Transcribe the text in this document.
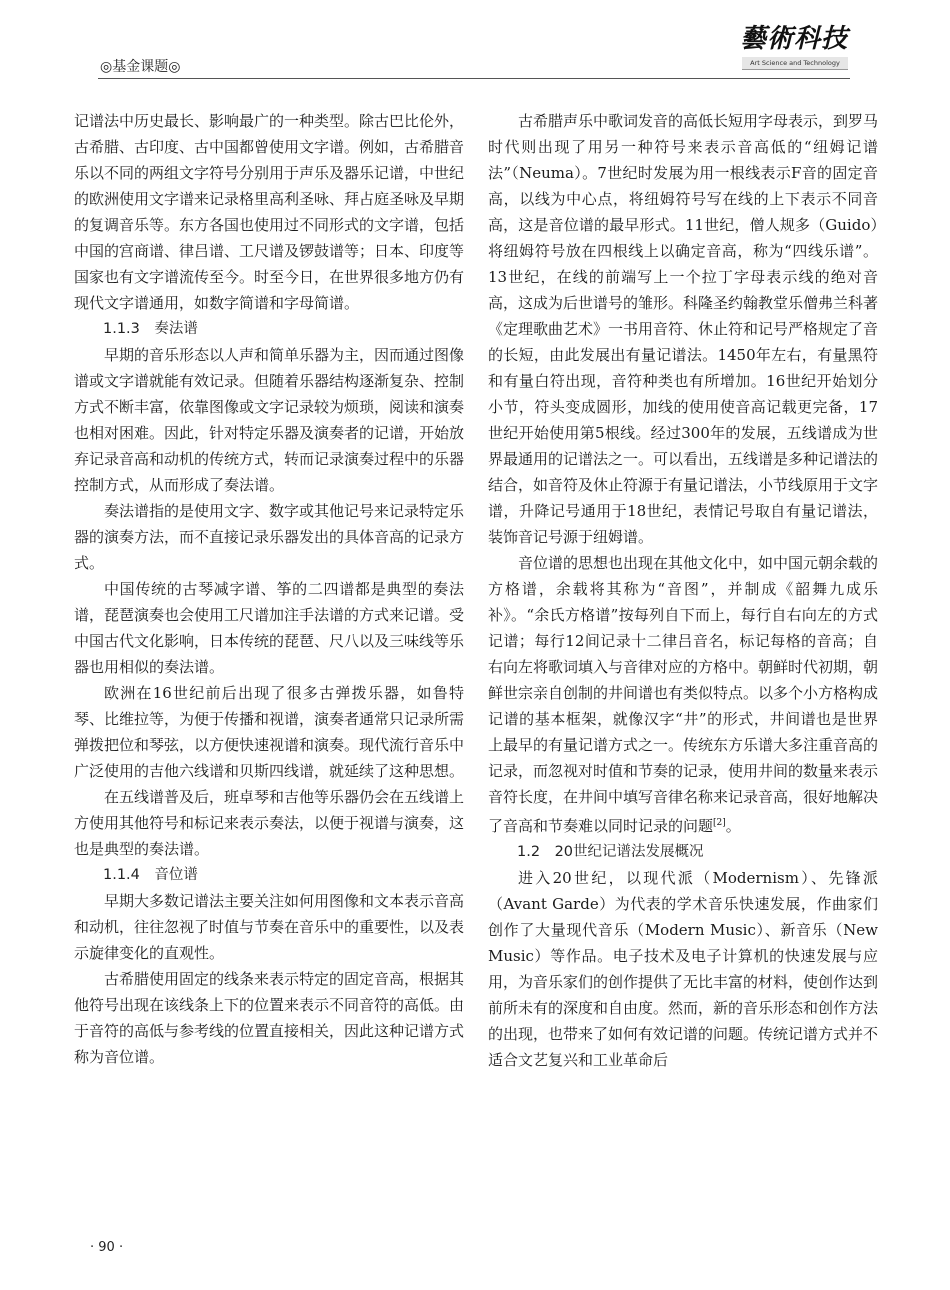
◎基金课题◎
藝術科技
Art Science and Technology

记谱法中历史最长、影响最广的一种类型。除古巴比伦外，古希腊、古印度、古中国都曾使用文字谱。例如，古希腊音乐以不同的两组文字符号分别用于声乐及器乐记谱，中世纪的欧洲使用文字谱来记录格里高利圣咏、拜占庭圣咏及早期的复调音乐等。东方各国也使用过不同形式的文字谱，包括中国的宫商谱、律吕谱、工尺谱及锣鼓谱等；日本、印度等国家也有文字谱流传至今。时至今日，在世界很多地方仍有现代文字谱通用，如数字简谱和字母简谱。

1.1.3 奏法谱

早期的音乐形态以人声和简单乐器为主，因而通过图像谱或文字谱就能有效记录。但随着乐器结构逐渐复杂、控制方式不断丰富，依靠图像或文字记录较为烦琐，阅读和演奏也相对困难。因此，针对特定乐器及演奏者的记谱，开始放弃记录音高和动机的传统方式，转而记录演奏过程中的乐器控制方式，从而形成了奏法谱。

奏法谱指的是使用文字、数字或其他记号来记录特定乐器的演奏方法，而不直接记录乐器发出的具体音高的记录方式。

中国传统的古琴减字谱、筝的二四谱都是典型的奏法谱，琵琶演奏也会使用工尺谱加注手法谱的方式来记谱。受中国古代文化影响，日本传统的琵琶、尺八以及三味线等乐器也用相似的奏法谱。

欧洲在16世纪前后出现了很多古弹拨乐器，如鲁特琴、比维拉等，为便于传播和视谱，演奏者通常只记录所需弹拨把位和琴弦，以方便快速视谱和演奏。现代流行音乐中广泛使用的吉他六线谱和贝斯四线谱，就延续了这种思想。

在五线谱普及后，班卓琴和吉他等乐器仍会在五线谱上方使用其他符号和标记来表示奏法，以便于视谱与演奏，这也是典型的奏法谱。

1.1.4 音位谱

早期大多数记谱法主要关注如何用图像和文本表示音高和动机，往往忽视了时值与节奏在音乐中的重要性，以及表示旋律变化的直观性。

古希腊使用固定的线条来表示特定的固定音高，根据其他符号出现在该线条上下的位置来表示不同音符的高低。由于音符的高低与参考线的位置直接相关，因此这种记谱方式称为音位谱。

古希腊声乐中歌词发音的高低长短用字母表示，到罗马时代则出现了用另一种符号来表示音高低的“纽姆记谱法”（Neuma）。7世纪时发展为用一根线表示F音的固定音高，以线为中心点，将纽姆符号写在线的上下表示不同音高，这是音位谱的最早形式。11世纪，僧人规多（Guido）将纽姆符号放在四根线上以确定音高，称为“四线乐谱”。13世纪，在线的前端写上一个拉丁字母表示线的绝对音高，这成为后世谱号的雏形。科隆圣约翰教堂乐僧弗兰科著《定理歌曲艺术》一书用音符、休止符和记号严格规定了音的长短，由此发展出有量记谱法。1450年左右，有量黑符和有量白符出现，音符种类也有所增加。16世纪开始划分小节，符头变成圆形，加线的使用使音高记载更完备，17世纪开始使用第5根线。经过300年的发展，五线谱成为世界最通用的记谱法之一。可以看出，五线谱是多种记谱法的结合，如音符及休止符源于有量记谱法，小节线原用于文字谱，升降记号通用于18世纪，表情记号取自有量记谱法，装饰音记号源于纽姆谱。

音位谱的思想也出现在其他文化中，如中国元朝余载的方格谱，余载将其称为“音图”，并制成《韶舞九成乐补》。“余氏方格谱”按每列自下而上，每行自右向左的方式记谱；每行12间记录十二律吕音名，标记每格的音高；自右向左将歌词填入与音律对应的方格中。朝鲜时代初期，朝鲜世宗亲自创制的井间谱也有类似特点。以多个小方格构成记谱的基本框架，就像汉字“井”的形式，井间谱也是世界上最早的有量记谱方式之一。传统东方乐谱大多注重音高的记录，而忽视对时值和节奏的记录，使用井间的数量来表示音符长度，在井间中填写音律名称来记录音高，很好地解决了音高和节奏难以同时记录的问题[2]。

1.2 20世纪记谱法发展概况

进入20世纪，以现代派（Modernism）、先锋派（Avant Garde）为代表的学术音乐快速发展，作曲家们创作了大量现代音乐（Modern Music）、新音乐（New Music）等作品。电子技术及电子计算机的快速发展与应用，为音乐家们的创作提供了无比丰富的材料，使创作达到前所未有的深度和自由度。然而，新的音乐形态和创作方法的出现，也带来了如何有效记谱的问题。传统记谱方式并不适合文艺复兴和工业革命后

· 90 ·
